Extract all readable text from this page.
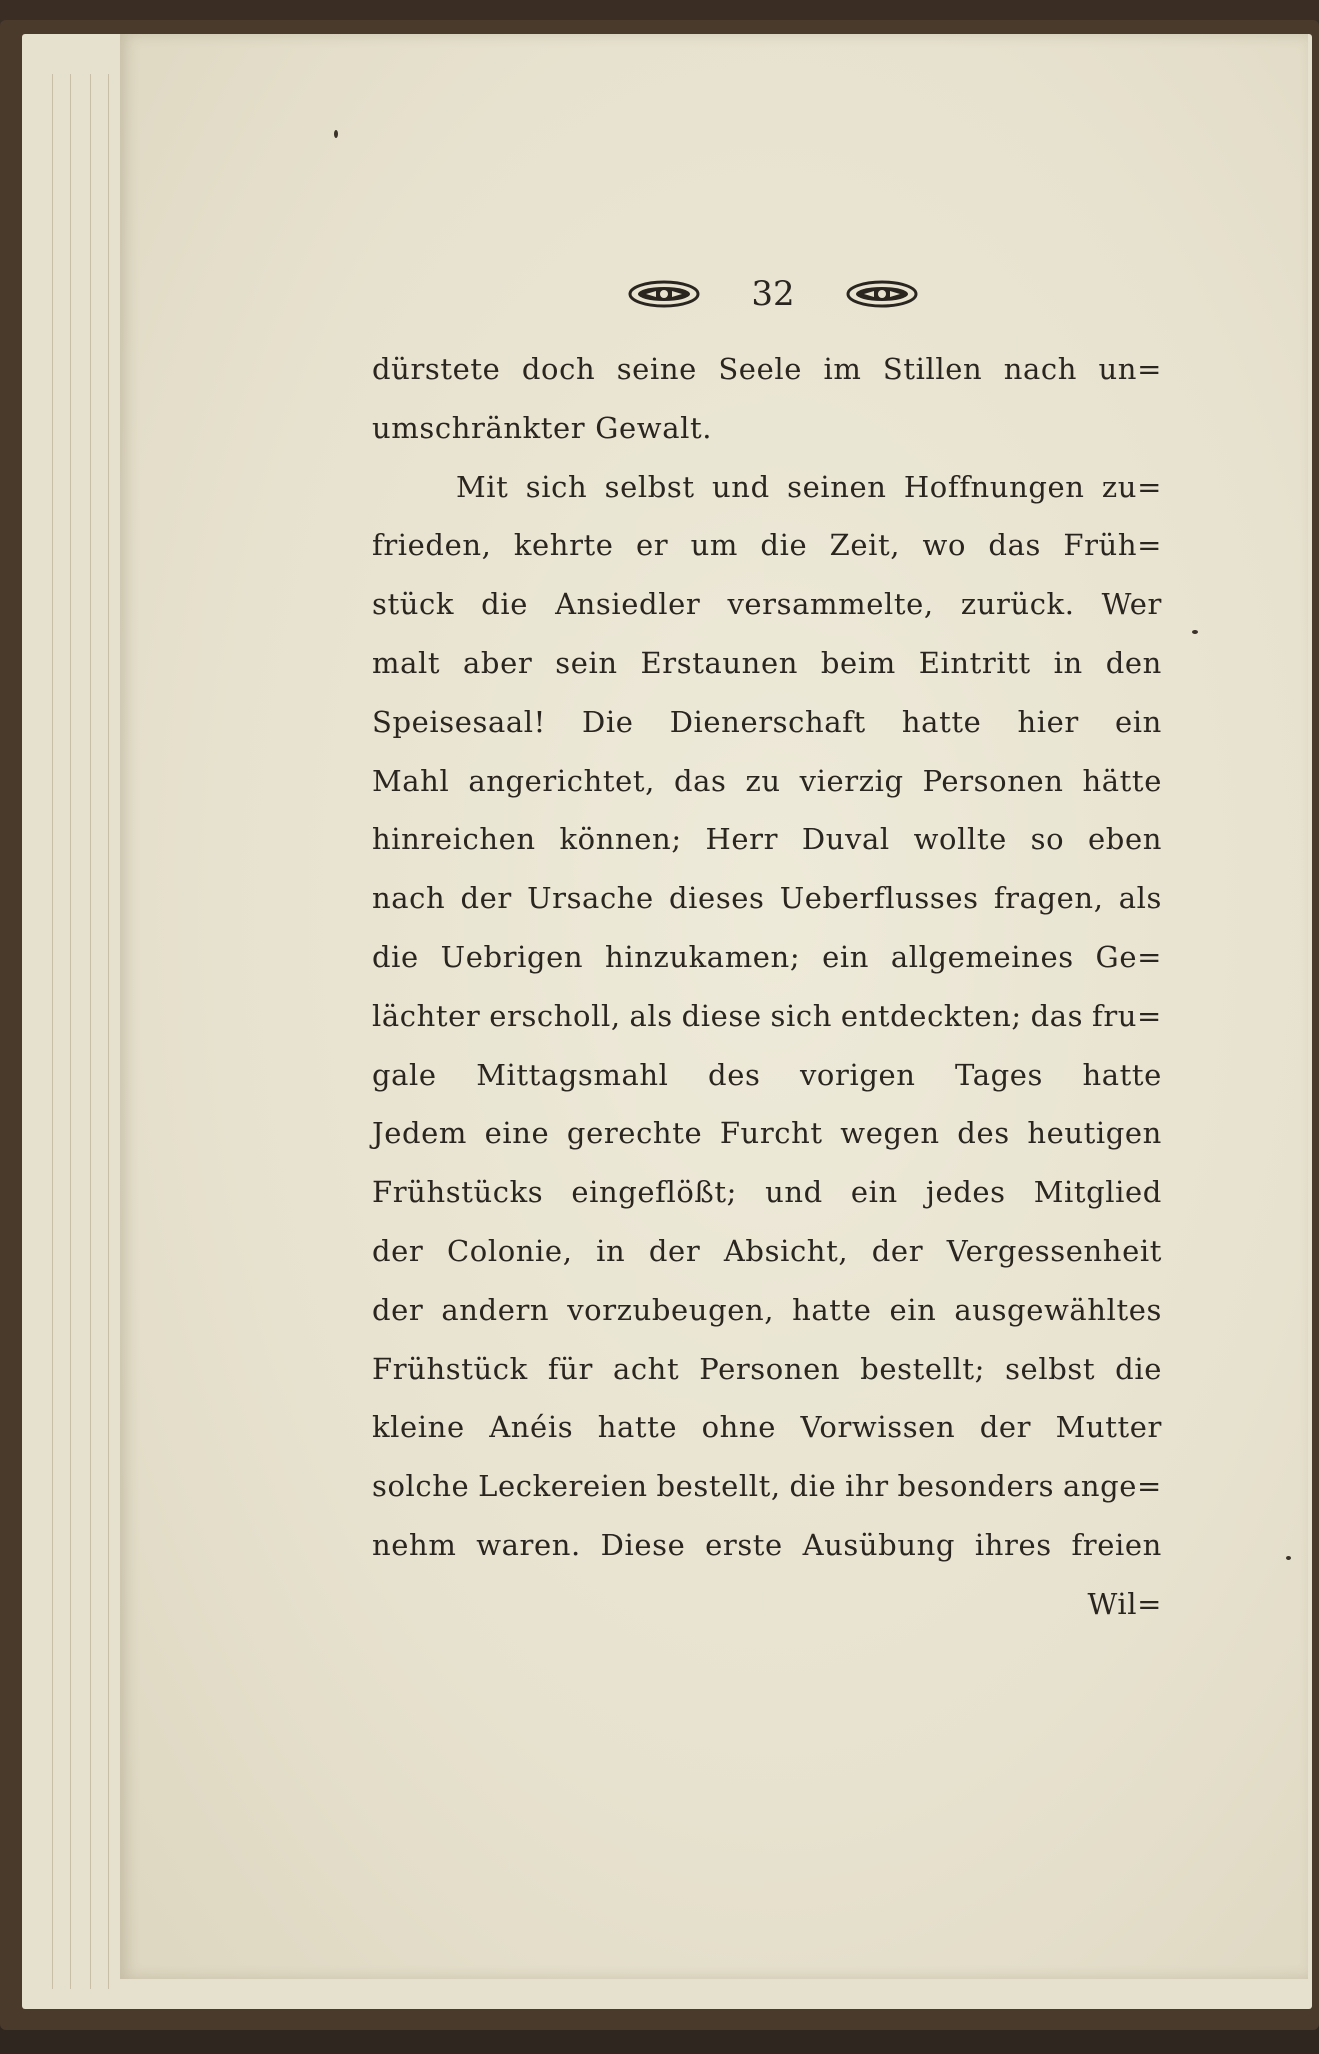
32
dürstete doch seine Seele im Stillen nach un=
umschränkter Gewalt.
Mit sich selbst und seinen Hoffnungen zu=
frieden, kehrte er um die Zeit, wo das Früh=
stück die Ansiedler versammelte, zurück. Wer
malt aber sein Erstaunen beim Eintritt in den
Speisesaal! Die Dienerschaft hatte hier ein
Mahl angerichtet, das zu vierzig Personen hätte
hinreichen können; Herr Duval wollte so eben
nach der Ursache dieses Ueberflusses fragen, als
die Uebrigen hinzukamen; ein allgemeines Ge=
lächter erscholl, als diese sich entdeckten; das fru=
gale Mittagsmahl des vorigen Tages hatte
Jedem eine gerechte Furcht wegen des heutigen
Frühstücks eingeflößt; und ein jedes Mitglied
der Colonie, in der Absicht, der Vergessenheit
der andern vorzubeugen, hatte ein ausgewähltes
Frühstück für acht Personen bestellt; selbst die
kleine Anéis hatte ohne Vorwissen der Mutter
solche Leckereien bestellt, die ihr besonders ange=
nehm waren. Diese erste Ausübung ihres freien
Wil=
